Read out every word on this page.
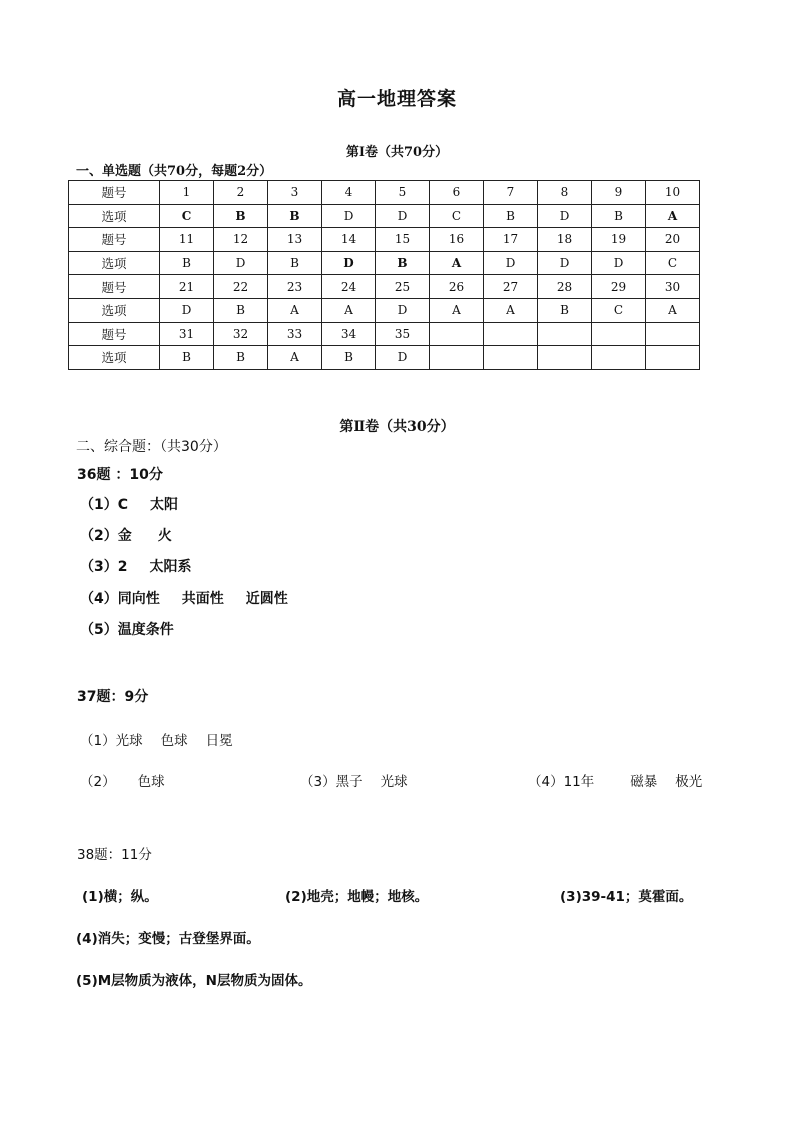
高一地理答案
第Ⅰ卷（共70分）
一、单选题（共70分，每题2分）
题号	1	2	3	4	5	6	7	8	9	10
选项	C	B	B	D	D	C	B	D	B	A
题号	11	12	13	14	15	16	17	18	19	20
选项	B	D	B	D	B	A	D	D	D	C
题号	21	22	23	24	25	26	27	28	29	30
选项	D	B	A	A	D	A	A	B	C	A
题号	31	32	33	34	35					
选项	B	B	A	B	D					
第Ⅱ卷（共30分）
二、综合题：（共30分）
36题 ：10分
（1）C 太阳
（2）金 火
（3）2 太阳系
（4）同向性 共面性 近圆性
（5）温度条件
37题：9分
（1）光球 色球 日冕
（2） 色球	（3）黑子 光球	（4）11年	磁暴 极光
38题：11分
(1)横；纵。	(2)地壳；地幔；地核。	(3)39-41；莫霍面。
(4)消失；变慢；古登堡界面。
(5)M层物质为液体，N层物质为固体。
